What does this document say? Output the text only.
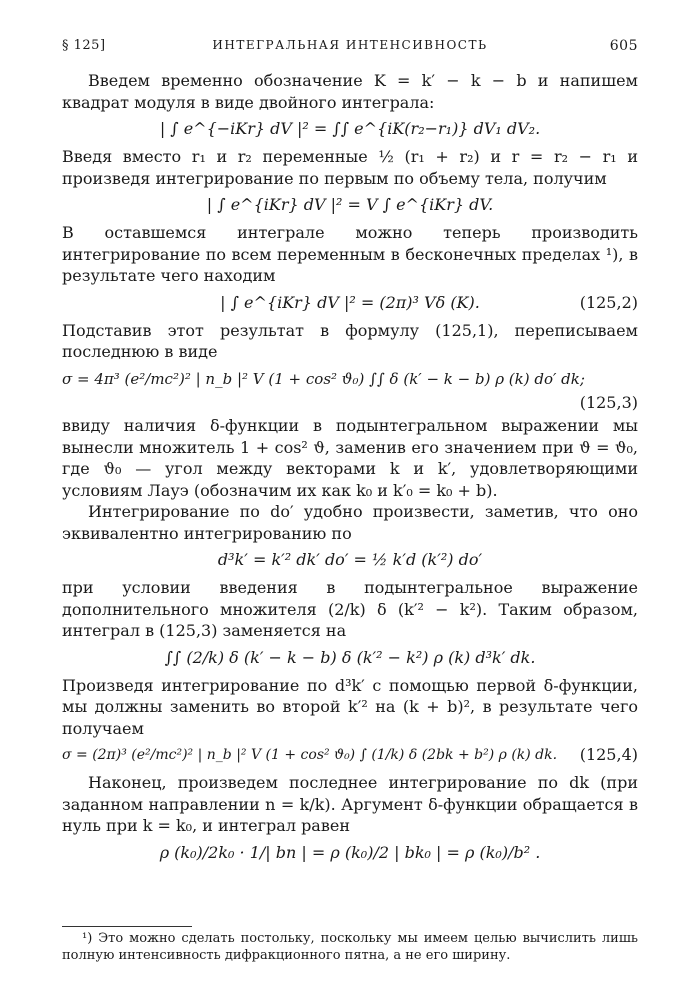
§ 125]	ИНТЕГРАЛЬНАЯ ИНТЕНСИВНОСТЬ	605

Введем временно обозначение K = k′ − k − b и напишем квадрат модуля в виде двойного интеграла:

| ∫ e^{−iKr} dV |² = ∫∫ e^{iK(r₂−r₁)} dV₁ dV₂.

Введя вместо r₁ и r₂ переменные ½ (r₁ + r₂) и r = r₂ − r₁ и произведя интегрирование по первым по объему тела, получим

| ∫ e^{iKr} dV |² = V ∫ e^{iKr} dV.

В оставшемся интеграле можно теперь производить интегрирование по всем переменным в бесконечных пределах ¹), в результате чего находим

| ∫ e^{iKr} dV |² = (2π)³ Vδ (K).	(125,2)

Подставив этот результат в формулу (125,1), переписываем последнюю в виде

σ = 4π³ (e²/mc²)² | n_b |² V (1 + cos² ϑ₀) ∫∫ δ (k′ − k − b) ρ (k) do′ dk;
(125,3)

ввиду наличия δ-функции в подынтегральном выражении мы вынесли множитель 1 + cos² ϑ, заменив его значением при ϑ = ϑ₀, где ϑ₀ — угол между векторами k и k′, удовлетворяющими условиям Лауэ (обозначим их как k₀ и k′₀ = k₀ + b).

Интегрирование по do′ удобно произвести, заметив, что оно эквивалентно интегрированию по

d³k′ = k′² dk′ do′ = ½ k′d (k′²) do′

при условии введения в подынтегральное выражение дополнительного множителя (2/k) δ (k′² − k²). Таким образом, интеграл в (125,3) заменяется на

∫∫ (2/k) δ (k′ − k − b) δ (k′² − k²) ρ (k) d³k′ dk.

Произведя интегрирование по d³k′ с помощью первой δ-функции, мы должны заменить во второй k′² на (k + b)², в результате чего получаем

σ = (2π)³ (e²/mc²)² | n_b |² V (1 + cos² ϑ₀) ∫ (1/k) δ (2bk + b²) ρ (k) dk. (125,4)

Наконец, произведем последнее интегрирование по dk (при заданном направлении n = k/k). Аргумент δ-функции обращается в нуль при k = k₀, и интеграл равен

ρ (k₀)/2k₀ · 1/| bn | = ρ (k₀)/2 | bk₀ | = ρ (k₀)/b² .

¹) Это можно сделать постольку, поскольку мы имеем целью вычислить лишь полную интенсивность дифракционного пятна, а не его ширину.
